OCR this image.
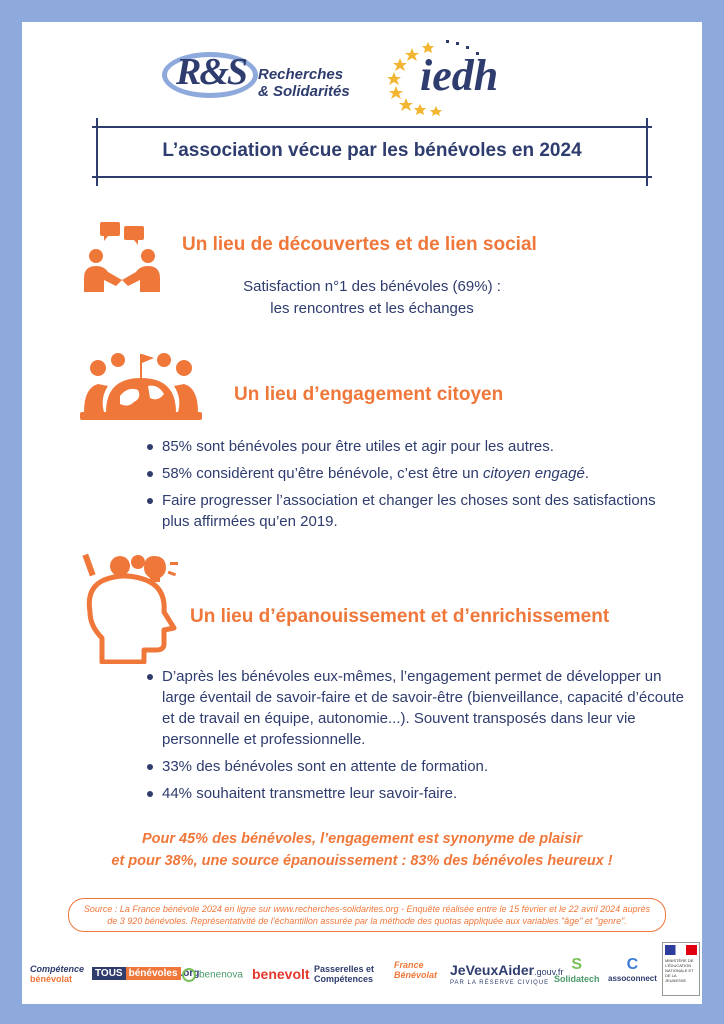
R&S Recherches
& Solidarités iedh
L’association vécue par les bénévoles en 2024
Un lieu de découvertes et de lien social
Satisfaction n°1 des bénévoles (69%) :
les rencontres et les échanges
Un lieu d’engagement citoyen
85% sont bénévoles pour être utiles et agir pour les autres.
58% considèrent qu’être bénévole, c’est être un citoyen engagé.
Faire progresser l’association et changer les choses sont des satisfactions plus affirmées qu’en 2019.
Un lieu d’épanouissement et d’enrichissement
D’après les bénévoles eux-mêmes, l’engagement permet de développer un large éventail de savoir-faire et de savoir-être (bienveillance, capacité d’écoute et de travail en équipe, autonomie...). Souvent transposés dans leur vie personnelle et professionnelle.
33% des bénévoles sont en attente de formation.
44% souhaitent transmettre leur savoir-faire.
Pour 45% des bénévoles, l’engagement est synonyme de plaisir
et pour 38%, une source épanouissement : 83% des bénévoles heureux !
Source : La France bénévole 2024 en ligne sur www.recherches-solidarites.org - Enquête réalisée entre le 15 février et le 22 avril 2024 auprès de 3 920 bénévoles. Représentativité de l’échantillon assurée par la méthode des quotas appliquée aux variables "âge" et "genre".
Compétence
bénévolat	TOUS bénévoles .org benenova benevolt Passerelles et
Compétences
France
Bénévolat JeVeuxAider.gouv.fr
PAR LA RÉSERVE CIVIQUE
S
Solidatech
C
assoconnect
MINISTÈRE DE L’ÉDUCATION NATIONALE ET DE LA JEUNESSE
